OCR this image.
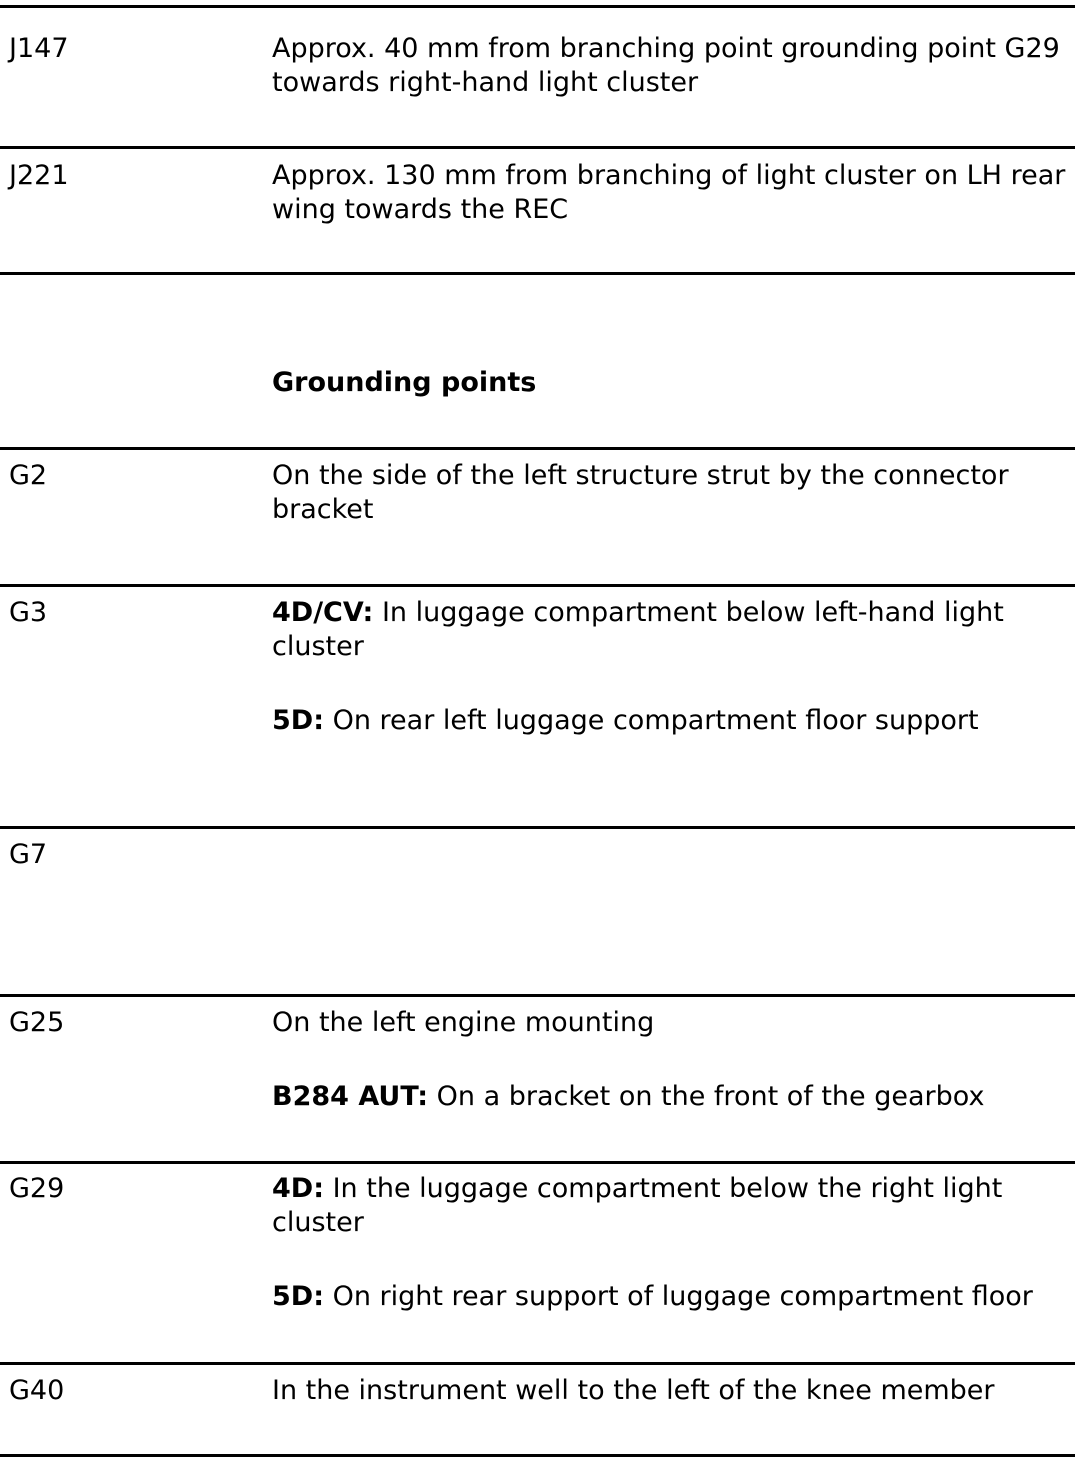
J147	Approx. 40 mm from branching point grounding point G29 towards right-hand light cluster
J221	Approx. 130 mm from branching of light cluster on LH rear wing towards the REC
Grounding points
G2	On the side of the left structure strut by the connector bracket
G3	4D/CV: In luggage compartment below left-hand light cluster
5D: On rear left luggage compartment floor support
G7
G25	On the left engine mounting
B284 AUT: On a bracket on the front of the gearbox
G29	4D: In the luggage compartment below the right light cluster
5D: On right rear support of luggage compartment floor
G40	In the instrument well to the left of the knee member
